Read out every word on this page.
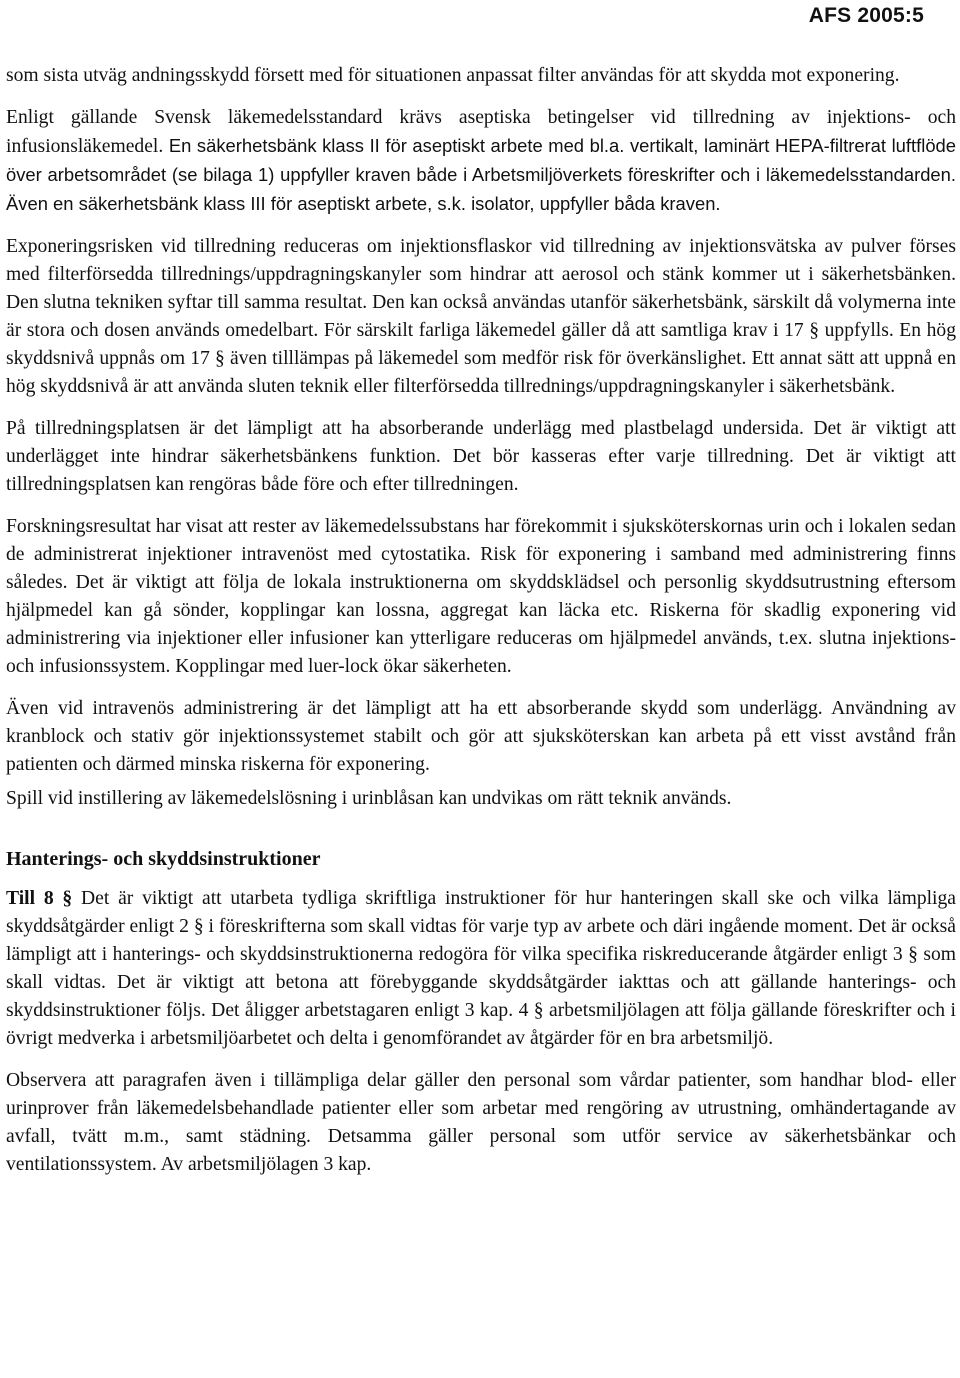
AFS 2005:5

som sista utväg andningsskydd försett med för situationen anpassat filter användas för att skydda mot exponering.

Enligt gällande Svensk läkemedelsstandard krävs aseptiska betingelser vid tillredning av injektions- och infusionsläkemedel. En säkerhetsbänk klass II för aseptiskt arbete med bl.a. vertikalt, laminärt HEPA-filtrerat luftflöde över arbetsområdet (se bilaga 1) uppfyller kraven både i Arbetsmiljöverkets föreskrifter och i läkemedelsstandarden. Även en säkerhetsbänk klass III för aseptiskt arbete, s.k. isolator, uppfyller båda kraven.

Exponeringsrisken vid tillredning reduceras om injektionsflaskor vid tillredning av injektionsvätska av pulver förses med filterförsedda tillrednings/uppdragningskanyler som hindrar att aerosol och stänk kommer ut i säkerhetsbänken. Den slutna tekniken syftar till samma resultat. Den kan också användas utanför säkerhetsbänk, särskilt då volymerna inte är stora och dosen används omedelbart. För särskilt farliga läkemedel gäller då att samtliga krav i 17 § uppfylls. En hög skyddsnivå uppnås om 17 § även tilllämpas på läkemedel som medför risk för överkänslighet. Ett annat sätt att uppnå en hög skyddsnivå är att använda sluten teknik eller filterförsedda tillrednings/uppdragningskanyler i säkerhetsbänk.

På tillredningsplatsen är det lämpligt att ha absorberande underlägg med plastbelagd undersida. Det är viktigt att underlägget inte hindrar säkerhetsbänkens funktion. Det bör kasseras efter varje tillredning. Det är viktigt att tillredningsplatsen kan rengöras både före och efter tillredningen.

Forskningsresultat har visat att rester av läkemedelssubstans har förekommit i sjuksköterskornas urin och i lokalen sedan de administrerat injektioner intravenöst med cytostatika. Risk för exponering i samband med administrering finns således. Det är viktigt att följa de lokala instruktionerna om skyddsklädsel och personlig skyddsutrustning eftersom hjälpmedel kan gå sönder, kopplingar kan lossna, aggregat kan läcka etc. Riskerna för skadlig exponering vid administrering via injektioner eller infusioner kan ytterligare reduceras om hjälpmedel används, t.ex. slutna injektions- och infusionssystem. Kopplingar med luer-lock ökar säkerheten.

Även vid intravenös administrering är det lämpligt att ha ett absorberande skydd som underlägg. Användning av kranblock och stativ gör injektionssystemet stabilt och gör att sjuksköterskan kan arbeta på ett visst avstånd från patienten och därmed minska riskerna för exponering.

Spill vid instillering av läkemedelslösning i urinblåsan kan undvikas om rätt teknik används.

Hanterings- och skyddsinstruktioner

Till 8 § Det är viktigt att utarbeta tydliga skriftliga instruktioner för hur hanteringen skall ske och vilka lämpliga skyddsåtgärder enligt 2 § i föreskrifterna som skall vidtas för varje typ av arbete och däri ingående moment. Det är också lämpligt att i hanterings- och skyddsinstruktionerna redogöra för vilka specifika riskreducerande åtgärder enligt 3 § som skall vidtas. Det är viktigt att betona att förebyggande skyddsåtgärder iakttas och att gällande hanterings- och skyddsinstruktioner följs. Det åligger arbetstagaren enligt 3 kap. 4 § arbetsmiljölagen att följa gällande föreskrifter och i övrigt medverka i arbetsmiljöarbetet och delta i genomförandet av åtgärder för en bra arbetsmiljö.

Observera att paragrafen även i tillämpliga delar gäller den personal som vårdar patienter, som handhar blod- eller urinprover från läkemedelsbehandlade patienter eller som arbetar med rengöring av utrustning, omhändertagande av avfall, tvätt m.m., samt städning. Detsamma gäller personal som utför service av säkerhetsbänkar och ventilationssystem. Av arbetsmiljölagen 3 kap.
